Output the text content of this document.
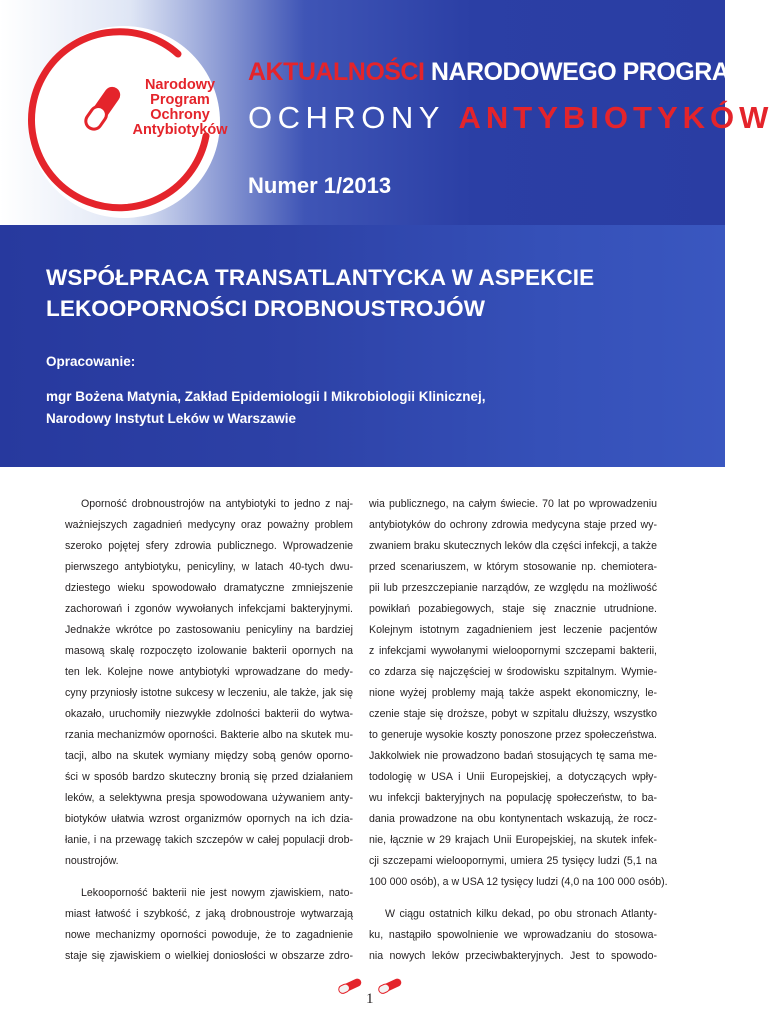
Narodowy
Program
Ochrony
Antybiotyków
AKTUALNOŚCI NARODOWEGO PROGRAMU
OCHRONY ANTYBIOTYKÓW
Numer 1/2013
WSPÓŁPRACA TRANSATLANTYCKA W ASPEKCIE
LEKOOPORNOŚCI DROBNOUSTROJÓW
Opracowanie:
mgr Bożena Matynia, Zakład Epidemiologii I Mikrobiologii Klinicznej,
Narodowy Instytut Leków w Warszawie

Oporność drobnoustrojów na antybiotyki to jedno z naj-
ważniejszych zagadnień medycyny oraz poważny problem
szeroko pojętej sfery zdrowia publicznego. Wprowadzenie
pierwszego antybiotyku, penicyliny, w latach 40-tych dwu-
dziestego wieku spowodowało dramatyczne zmniejszenie
zachorowań i zgonów wywołanych infekcjami bakteryjnymi.
Jednakże wkrótce po zastosowaniu penicyliny na bardziej
masową skalę rozpoczęto izolowanie bakterii opornych na
ten lek. Kolejne nowe antybiotyki wprowadzane do medy-
cyny przyniosły istotne sukcesy w leczeniu, ale także, jak się
okazało, uruchomiły niezwykłe zdolności bakterii do wytwa-
rzania mechanizmów oporności. Bakterie albo na skutek mu-
tacji, albo na skutek wymiany między sobą genów oporno-
ści w sposób bardzo skuteczny bronią się przed działaniem
leków, a selektywna presja spowodowana używaniem anty-
biotyków ułatwia wzrost organizmów opornych na ich dzia-
łanie, i na przewagę takich szczepów w całej populacji drob-
noustrojów.

Lekooporność bakterii nie jest nowym zjawiskiem, nato-
miast łatwość i szybkość, z jaką drobnoustroje wytwarzają
nowe mechanizmy oporności powoduje, że to zagadnienie
staje się zjawiskiem o wielkiej doniosłości w obszarze zdro-

wia publicznego, na całym świecie. 70 lat po wprowadzeniu
antybiotyków do ochrony zdrowia medycyna staje przed wy-
zwaniem braku skutecznych leków dla części infekcji, a także
przed scenariuszem, w którym stosowanie np. chemiotera-
pii lub przeszczepianie narządów, ze względu na możliwość
powikłań pozabiegowych, staje się znacznie utrudnione.
Kolejnym istotnym zagadnieniem jest leczenie pacjentów
z infekcjami wywołanymi wieloopornymi szczepami bakterii,
co zdarza się najczęściej w środowisku szpitalnym. Wymie-
nione wyżej problemy mają także aspekt ekonomiczny, le-
czenie staje się droższe, pobyt w szpitalu dłuższy, wszystko
to generuje wysokie koszty ponoszone przez społeczeństwa.
Jakkolwiek nie prowadzono badań stosujących tę sama me-
todologię w USA i Unii Europejskiej, a dotyczących wpły-
wu infekcji bakteryjnych na populację społeczeństw, to ba-
dania prowadzone na obu kontynentach wskazują, że rocz-
nie, łącznie w 29 krajach Unii Europejskiej, na skutek infek-
cji szczepami wieloopornymi, umiera 25 tysięcy ludzi (5,1 na
100 000 osób), a w USA 12 tysięcy ludzi (4,0 na 100 000 osób).

W ciągu ostatnich kilku dekad, po obu stronach Atlanty-
ku, nastąpiło spowolnienie we wprowadzaniu do stosowa-
nia nowych leków przeciwbakteryjnych. Jest to spowodo-

1
